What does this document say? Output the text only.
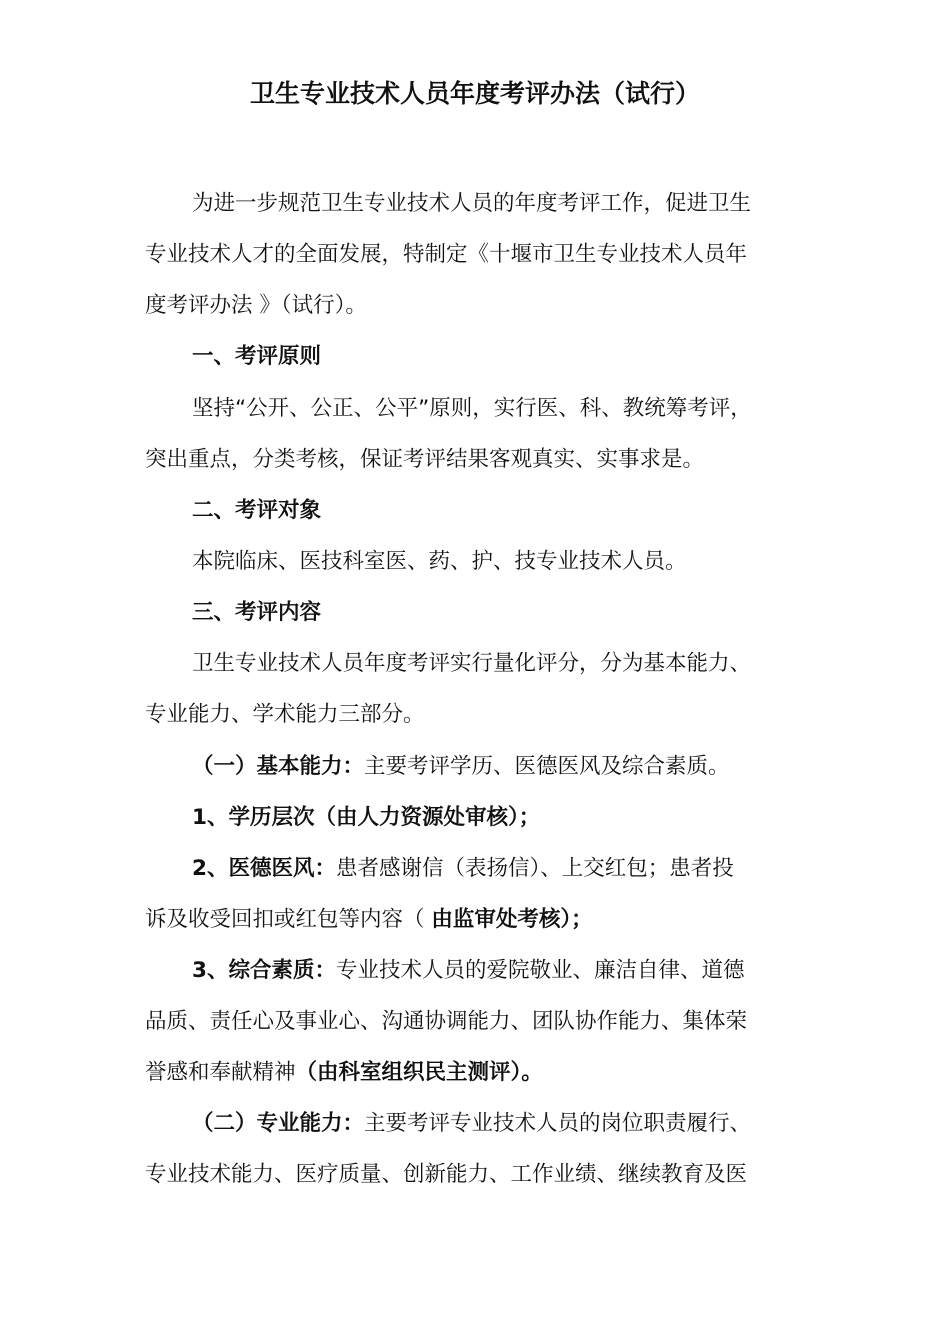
卫生专业技术人员年度考评办法（试行）
为进一步规范卫生专业技术人员的年度考评工作，促进卫生
专业技术人才的全面发展，特制定《十堰市卫生专业技术人员年
度考评办法 》（试行）。
一、考评原则
坚持“公开、公正、公平”原则，实行医、科、教统筹考评，
突出重点，分类考核，保证考评结果客观真实、实事求是。
二、考评对象
本院临床、医技科室医、药、护、技专业技术人员。
三、考评内容
卫生专业技术人员年度考评实行量化评分，分为基本能力、
专业能力、学术能力三部分。
（一）基本能力：主要考评学历、医德医风及综合素质。
1、学历层次（由人力资源处审核）；
2、医德医风：患者感谢信（表扬信）、上交红包；患者投
诉及收受回扣或红包等内容（ 由监审处考核）；
3、综合素质：专业技术人员的爱院敬业、廉洁自律、道德
品质、责任心及事业心、沟通协调能力、团队协作能力、集体荣
誉感和奉献精神（由科室组织民主测评）。
（二）专业能力：主要考评专业技术人员的岗位职责履行、
专业技术能力、医疗质量、创新能力、工作业绩、继续教育及医
